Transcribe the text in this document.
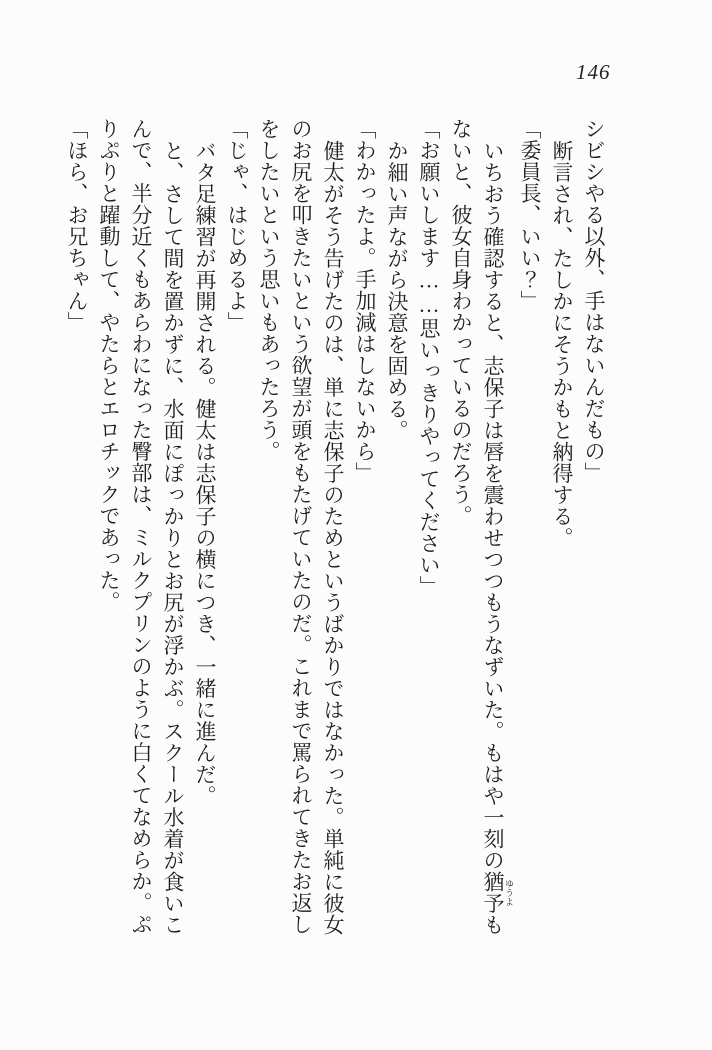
146

シビシやる以外、手はないんだもの」

断言され、たしかにそうかもと納得する。

「委員長、いい？」

いちおう確認すると、志保子は唇を震わせつつもうなずいた。もはや一刻の猶予 ゆうよも

ないと、彼女自身わかっているのだろう。

「お願いします……思いっきりやってください」

か細い声ながら決意を固める。

「わかったよ。手加減はしないから」

健太がそう告げたのは、単に志保子のためというばかりではなかった。単純に彼女

のお尻を叩きたいという欲望が頭をもたげていたのだ。これまで罵られてきたお返し

をしたいという思いもあったろう。

「じゃ、はじめるよ」

バタ足練習が再開される。健太は志保子の横につき、一緒に進んだ。

と、さして間を置かずに、水面にぽっかりとお尻が浮かぶ。スクール水着が食いこ

んで、半分近くもあらわになった臀部は、ミルクプリンのように白くてなめらか。ぷ

りぷりと躍動して、やたらとエロチックであった。

「ほら、お兄ちゃん」
